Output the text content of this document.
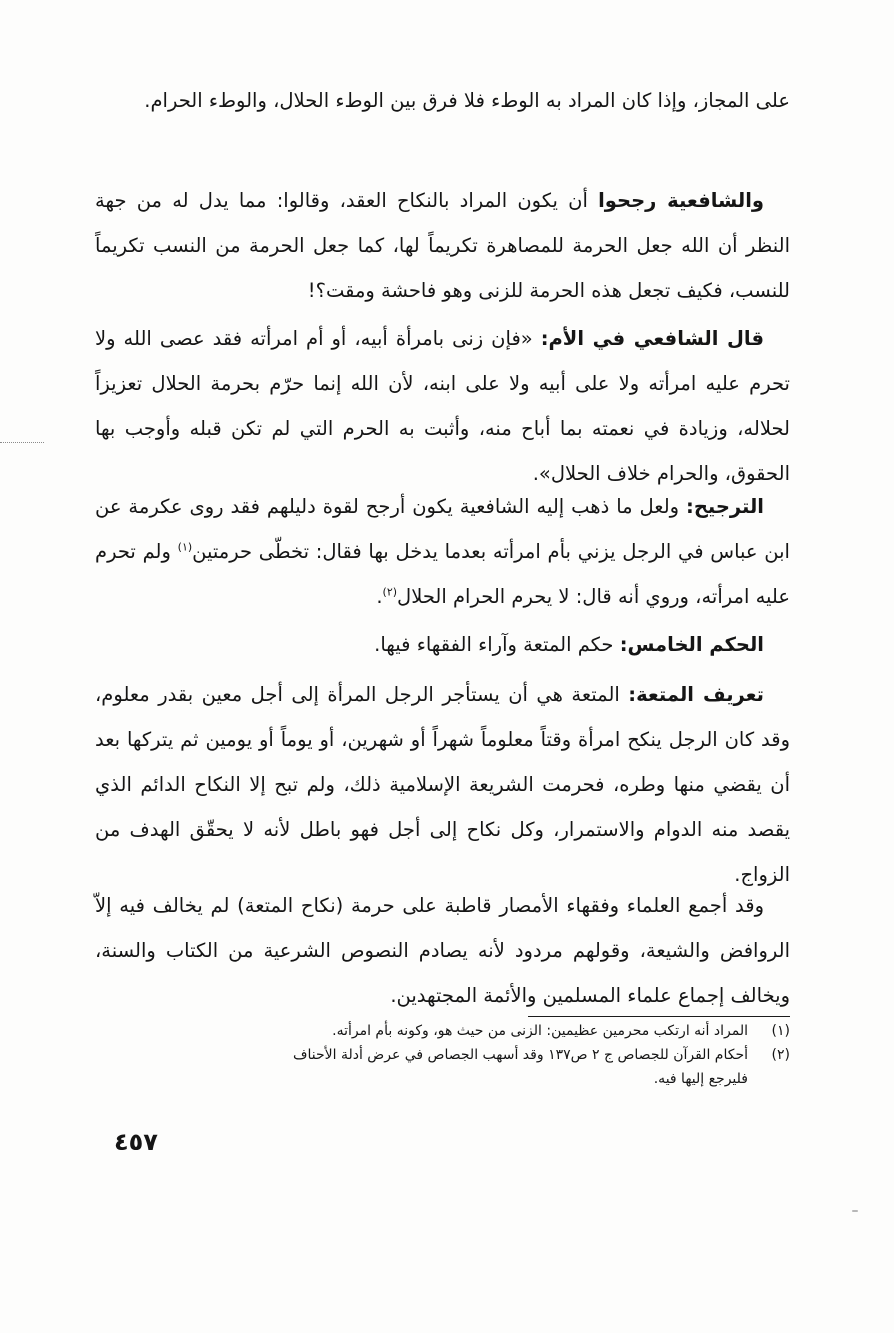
على المجاز، وإذا كان المراد به الوطء فلا فرق بين الوطء الحلال، والوطء الحرام.

والشافعية رجحوا أن يكون المراد بالنكاح العقد، وقالوا: مما يدل له من جهة النظر أن الله جعل الحرمة للمصاهرة تكريماً لها، كما جعل الحرمة من النسب تكريماً للنسب، فكيف تجعل هذه الحرمة للزنى وهو فاحشة ومقت؟!

قال الشافعي في الأم: «فإن زنى بامرأة أبيه، أو أم امرأته فقد عصى الله ولا تحرم عليه امرأته ولا على أبيه ولا على ابنه، لأن الله إنما حرّم بحرمة الحلال تعزيزاً لحلاله، وزيادة في نعمته بما أباح منه، وأثبت به الحرم التي لم تكن قبله وأوجب بها الحقوق، والحرام خلاف الحلال».

الترجيح: ولعل ما ذهب إليه الشافعية يكون أرجح لقوة دليلهم فقد روى عكرمة عن ابن عباس في الرجل يزني بأم امرأته بعدما يدخل بها فقال: تخطّى حرمتين$^{(١)}$ ولم تحرم عليه امرأته، وروي أنه قال: لا يحرم الحرام الحلال$^{(٢)}$.

الحكم الخامس: حكم المتعة وآراء الفقهاء فيها.

تعريف المتعة: المتعة هي أن يستأجر الرجل المرأة إلى أجل معين بقدر معلوم، وقد كان الرجل ينكح امرأة وقتاً معلوماً شهراً أو شهرين، أو يوماً أو يومين ثم يتركها بعد أن يقضي منها وطره، فحرمت الشريعة الإسلامية ذلك، ولم تبح إلا النكاح الدائم الذي يقصد منه الدوام والاستمرار، وكل نكاح إلى أجل فهو باطل لأنه لا يحقّق الهدف من الزواج.

وقد أجمع العلماء وفقهاء الأمصار قاطبة على حرمة (نكاح المتعة) لم يخالف فيه إلاّ الروافض والشيعة، وقولهم مردود لأنه يصادم النصوص الشرعية من الكتاب والسنة، ويخالف إجماع علماء المسلمين والأئمة المجتهدين.

(١)المراد أنه ارتكب محرمين عظيمين: الزنى من حيث هو، وكونه بأم امرأته.

(٢)أحكام القرآن للجصاص ج ٢ ص١٣٧ وقد أسهب الجصاص في عرض أدلة الأحناف

فليرجع إليها فيه.

٤٥٧
